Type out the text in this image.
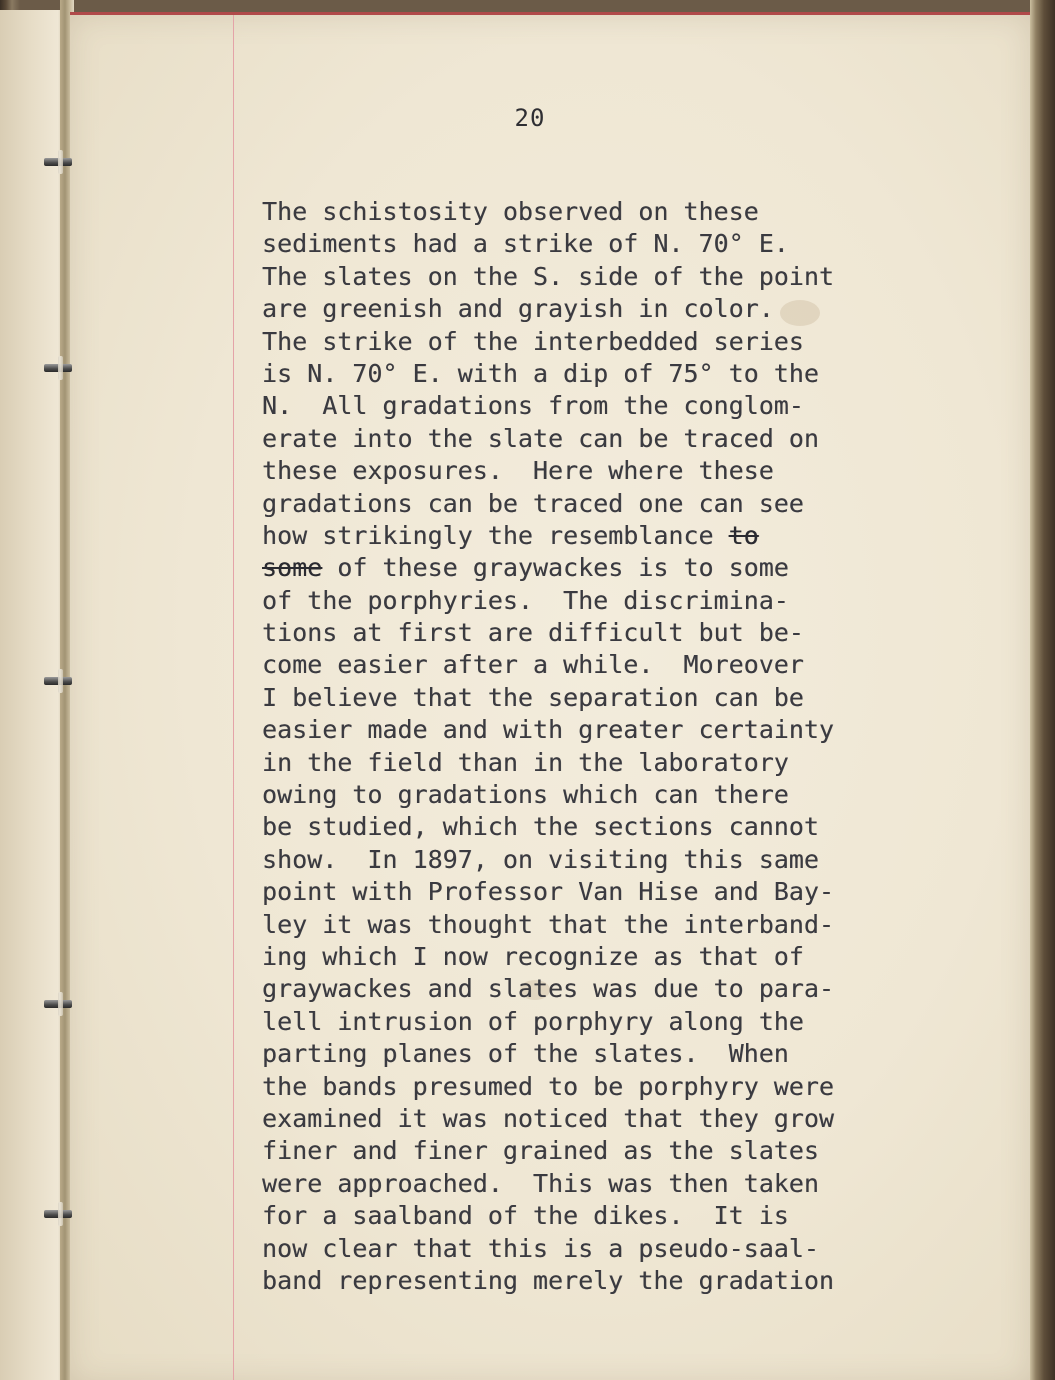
20
The schistosity observed on these
sediments had a strike of N. 70° E.
The slates on the S. side of the point
are greenish and grayish in color.
The strike of the interbedded series
is N. 70° E. with a dip of 75° to the
N.  All gradations from the conglom-
erate into the slate can be traced on
these exposures.  Here where these
gradations can be traced one can see
how strikingly the resemblance to
some of these graywackes is to some
of the porphyries.  The discrimina-
tions at first are difficult but be-
come easier after a while.  Moreover
I believe that the separation can be
easier made and with greater certainty
in the field than in the laboratory
owing to gradations which can there
be studied, which the sections cannot
show.  In 1897, on visiting this same
point with Professor Van Hise and Bay-
ley it was thought that the interband-
ing which I now recognize as that of
graywackes and slates was due to para-
lell intrusion of porphyry along the
parting planes of the slates.  When
the bands presumed to be porphyry were
examined it was noticed that they grow
finer and finer grained as the slates
were approached.  This was then taken
for a saalband of the dikes.  It is
now clear that this is a pseudo-saal-
band representing merely the gradation
